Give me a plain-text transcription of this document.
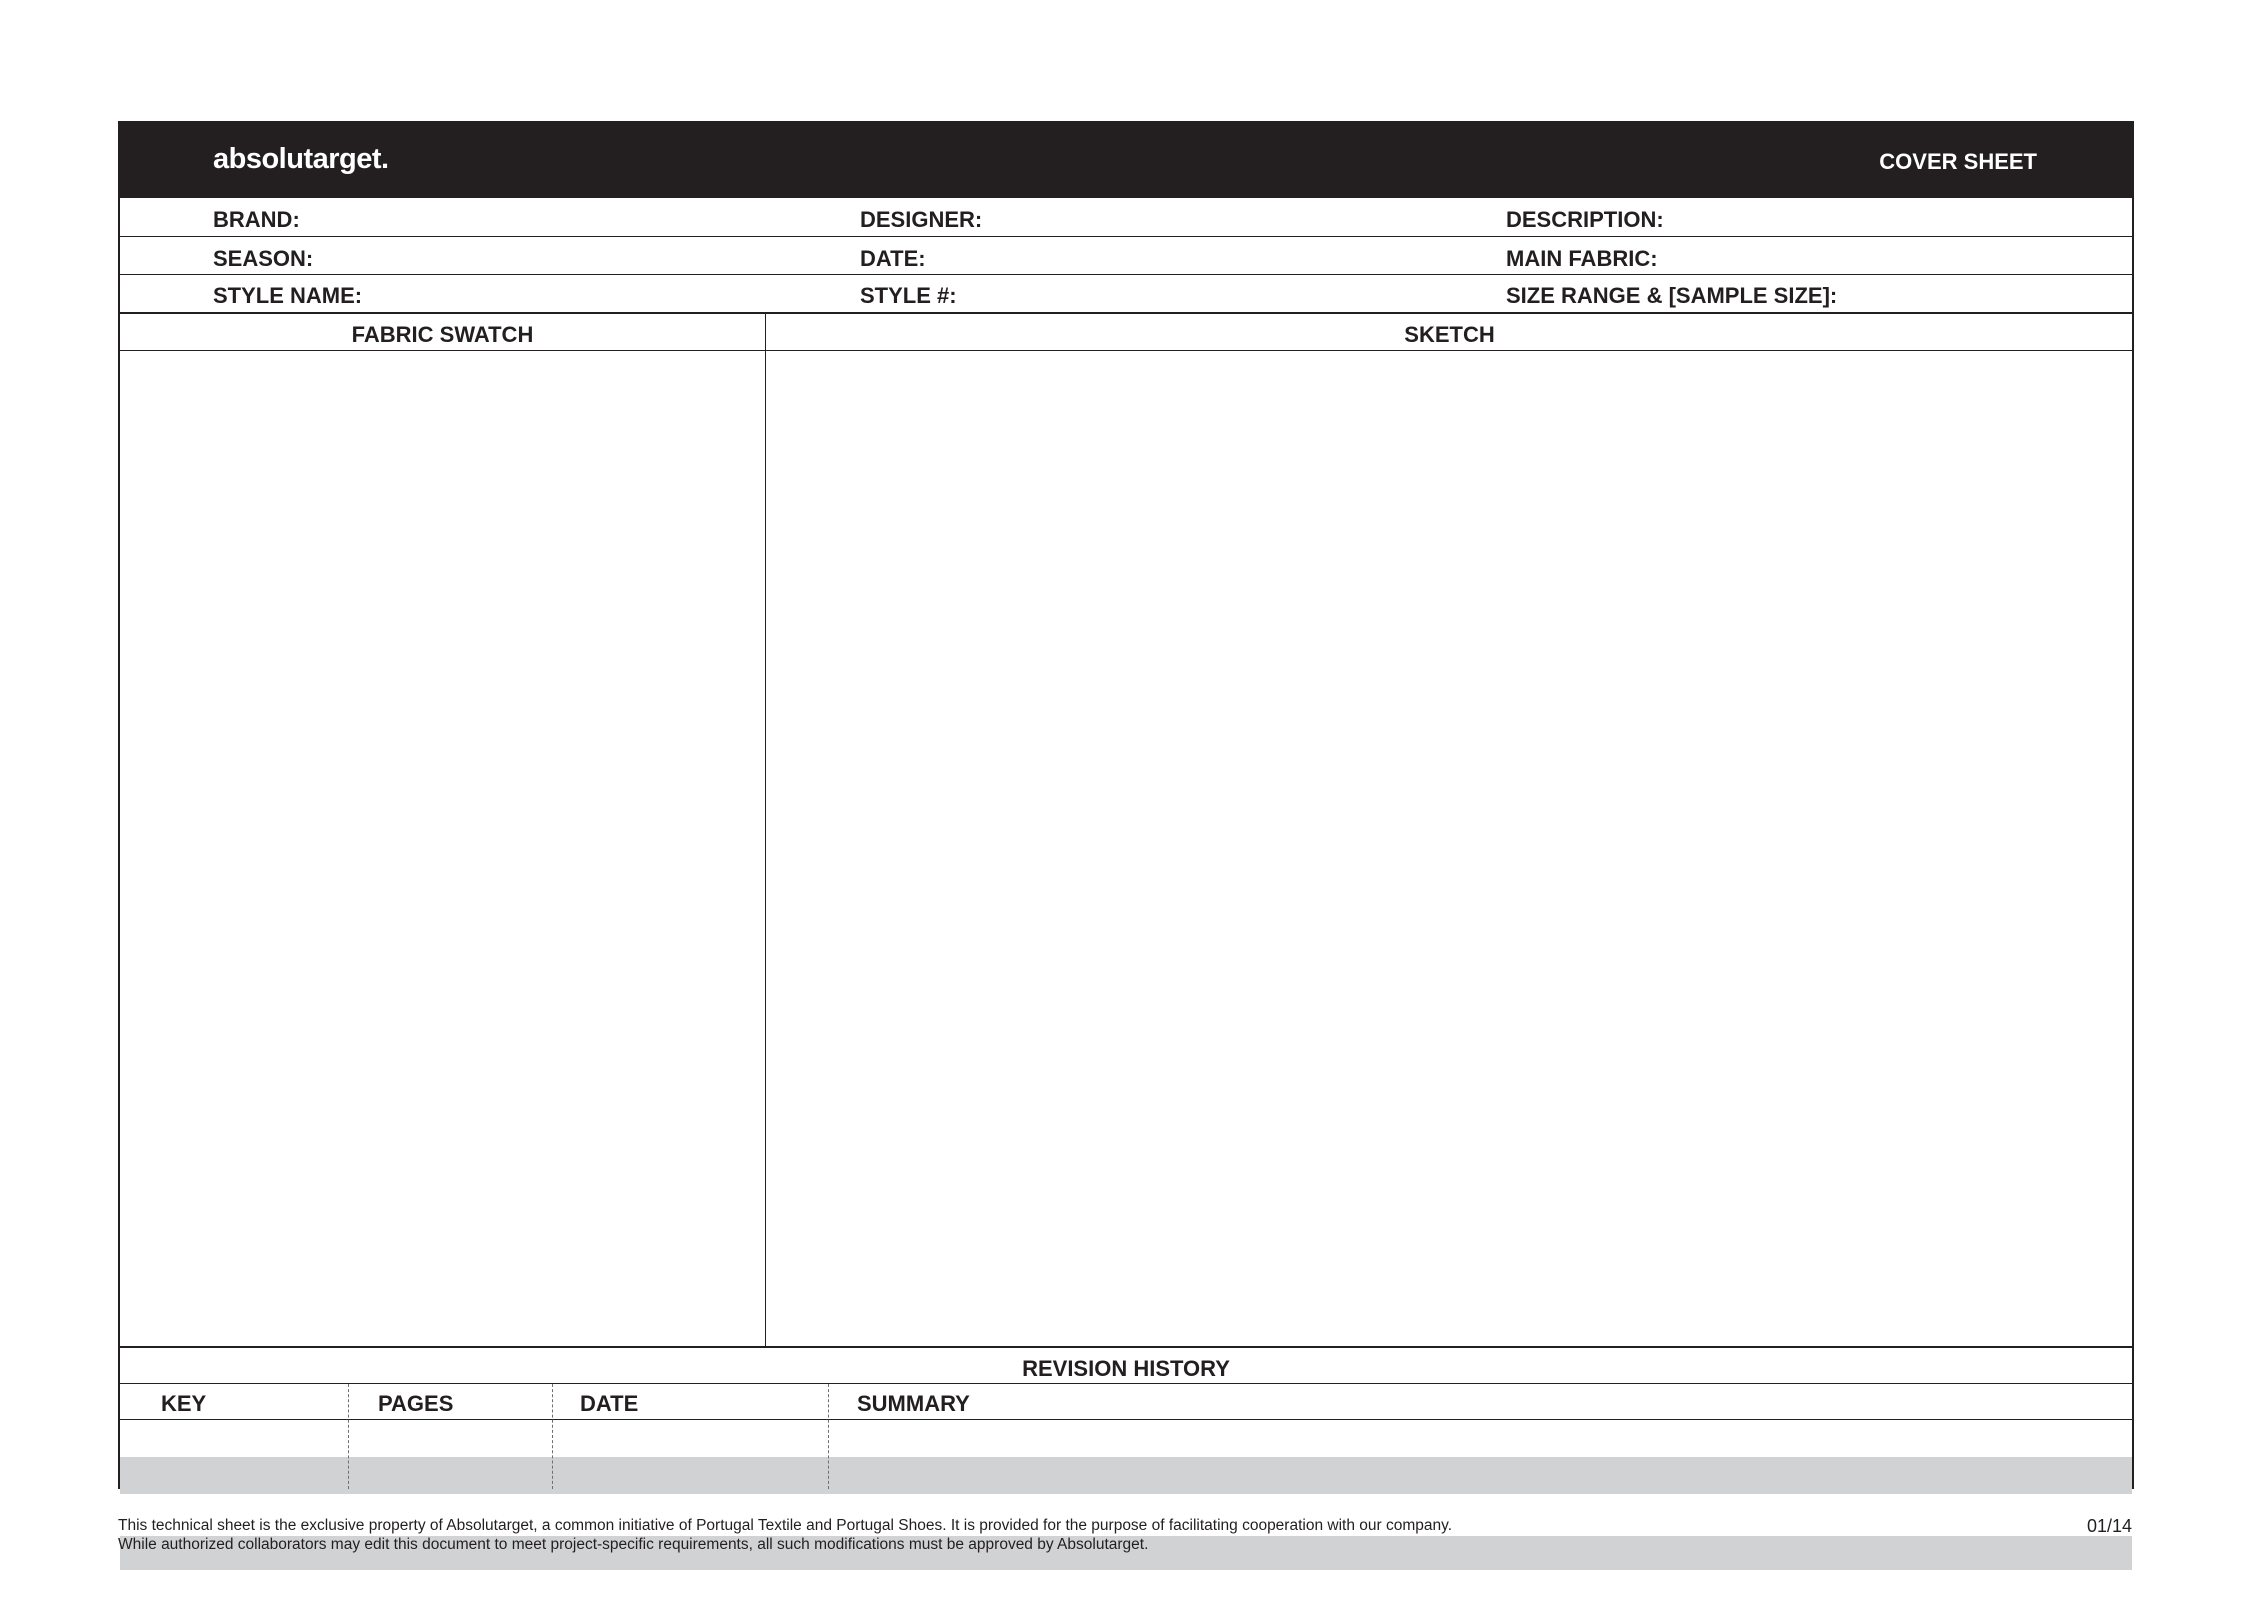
absolutarget.	COVER SHEET
BRAND:	DESIGNER:	DESCRIPTION:
SEASON:	DATE:	MAIN FABRIC:
STYLE NAME:	STYLE #:	SIZE RANGE & [SAMPLE SIZE]:
FABRIC SWATCH	SKETCH
REVISION HISTORY
KEY	PAGES	DATE	SUMMARY
This technical sheet is the exclusive property of Absolutarget, a common initiative of Portugal Textile and Portugal Shoes. It is provided for the purpose of facilitating cooperation with our company.
While authorized collaborators may edit this document to meet project-specific requirements, all such modifications must be approved by Absolutarget.
01/14
